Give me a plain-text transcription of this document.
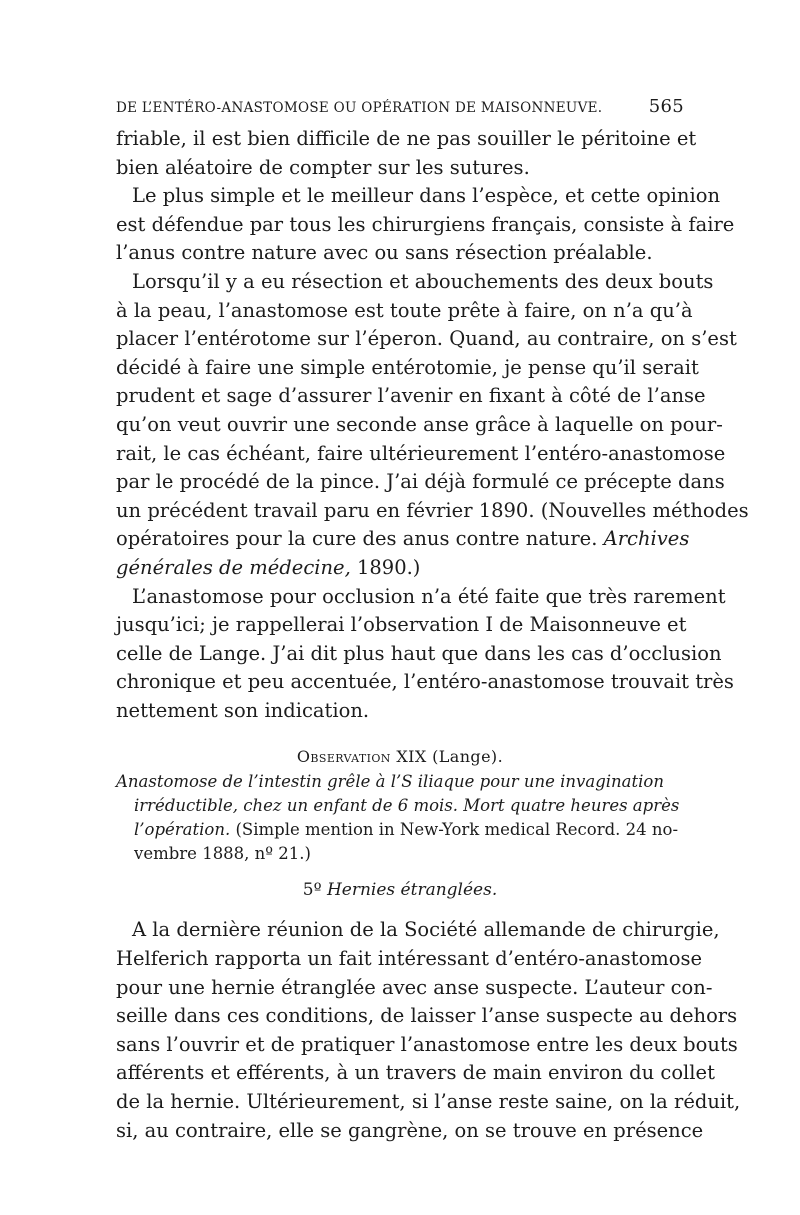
DE L’ENTÉRO-ANASTOMOSE OU OPÉRATION DE MAISONNEUVE.	565

friable, il est bien difficile de ne pas souiller le péritoine et

bien aléatoire de compter sur les sutures.

Le plus simple et le meilleur dans l’espèce, et cette opinion

est défendue par tous les chirurgiens français, consiste à faire

l’anus contre nature avec ou sans résection préalable.

Lorsqu’il y a eu résection et abouchements des deux bouts

à la peau, l’anastomose est toute prête à faire, on n’a qu’à

placer l’entérotome sur l’éperon. Quand, au contraire, on s’est

décidé à faire une simple entérotomie, je pense qu’il serait

prudent et sage d’assurer l’avenir en fixant à côté de l’anse

qu’on veut ouvrir une seconde anse grâce à laquelle on pour-

rait, le cas échéant, faire ultérieurement l’entéro-anastomose

par le procédé de la pince. J’ai déjà formulé ce précepte dans

un précédent travail paru en février 1890. (Nouvelles méthodes

opératoires pour la cure des anus contre nature. Archives

générales de médecine, 1890.)

L’anastomose pour occlusion n’a été faite que très rarement

jusqu’ici; je rappellerai l’observation I de Maisonneuve et

celle de Lange. J’ai dit plus haut que dans les cas d’occlusion

chronique et peu accentuée, l’entéro-anastomose trouvait très

nettement son indication.

Observation XIX (Lange).
Anastomose de l’intestin grêle à l’S iliaque pour une invagination
irréductible, chez un enfant de 6 mois. Mort quatre heures après
l’opération. (Simple mention in New-York medical Record. 24 no-
vembre 1888, nº 21.)
5º Hernies étranglées.

A la dernière réunion de la Société allemande de chirurgie,

Helferich rapporta un fait intéressant d’entéro-anastomose

pour une hernie étranglée avec anse suspecte. L’auteur con-

seille dans ces conditions, de laisser l’anse suspecte au dehors

sans l’ouvrir et de pratiquer l’anastomose entre les deux bouts

afférents et efférents, à un travers de main environ du collet

de la hernie. Ultérieurement, si l’anse reste saine, on la réduit,

si, au contraire, elle se gangrène, on se trouve en présence
